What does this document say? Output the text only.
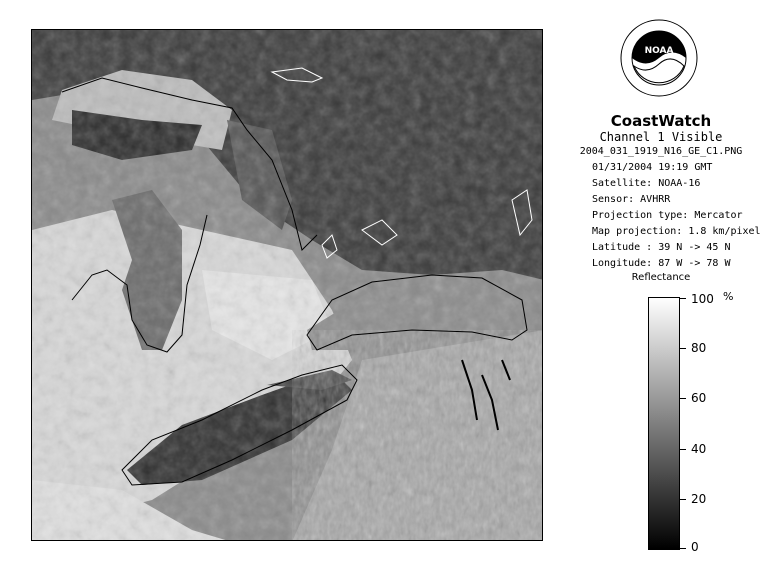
NOAA
CoastWatch
Channel 1 Visible
2004_031_1919_N16_GE_C1.PNG
01/31/2004 19:19 GMT
Satellite: NOAA-16
Sensor: AVHRR
Projection type: Mercator
Map projection: 1.8 km/pixel
Latitude : 39 N -> 45 N
Longitude: 87 W -> 78 W
Reflectance
%
100
80
60
40
20
0
